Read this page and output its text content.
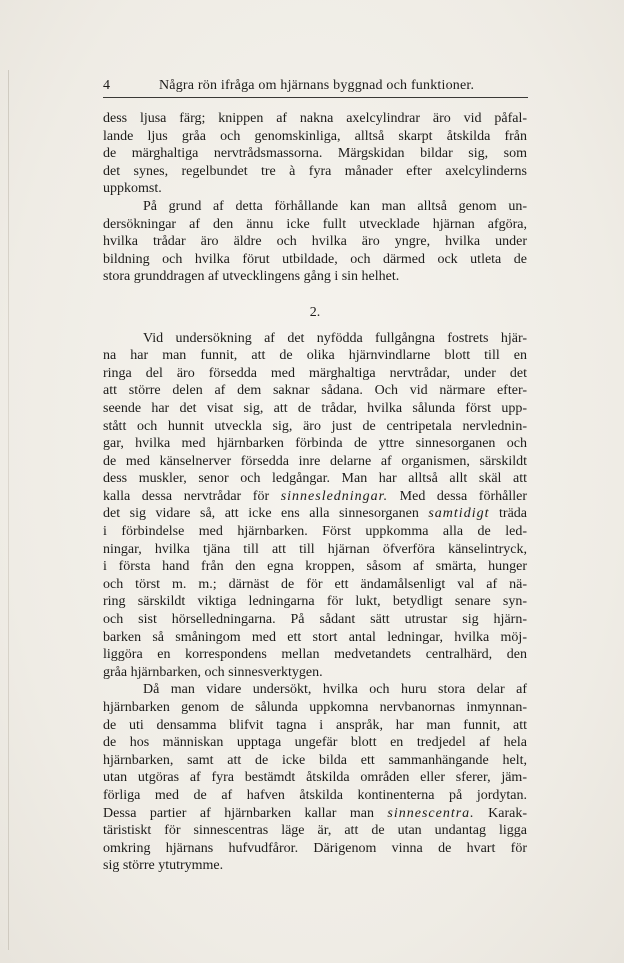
4	Några rön ifråga om hjärnans byggnad och funktioner.

dess ljusa färg; knippen af nakna axelcylindrar äro vid påfal-
lande ljus gråa och genomskinliga, alltså skarpt åtskilda från
de märghaltiga nervtrådsmassorna. Märgskidan bildar sig, som
det synes, regelbundet tre à fyra månader efter axelcylinderns
uppkomst.

På grund af detta förhållande kan man alltså genom un-
dersökningar af den ännu icke fullt utvecklade hjärnan afgöra,
hvilka trådar äro äldre och hvilka äro yngre, hvilka under
bildning och hvilka förut utbildade, och därmed ock utleta de
stora grunddragen af utvecklingens gång i sin helhet.

2.

Vid undersökning af det nyfödda fullgångna fostrets hjär-
na har man funnit, att de olika hjärnvindlarne blott till en
ringa del äro försedda med märghaltiga nervtrådar, under det
att större delen af dem saknar sådana. Och vid närmare efter-
seende har det visat sig, att de trådar, hvilka sålunda först upp-
stått och hunnit utveckla sig, äro just de centripetala nervlednin-
gar, hvilka med hjärnbarken förbinda de yttre sinnesorganen och
de med känselnerver försedda inre delarne af organismen, särskildt
dess muskler, senor och ledgångar. Man har alltså allt skäl att
kalla dessa nervtrådar för sinnesledningar. Med dessa förhåller
det sig vidare så, att icke ens alla sinnesorganen samtidigt träda
i förbindelse med hjärnbarken. Först uppkomma alla de led-
ningar, hvilka tjäna till att till hjärnan öfverföra känselintryck,
i första hand från den egna kroppen, såsom af smärta, hunger
och törst m. m.; därnäst de för ett ändamålsenligt val af nä-
ring särskildt viktiga ledningarna för lukt, betydligt senare syn-
och sist hörselledningarna. På sådant sätt utrustar sig hjärn-
barken så småningom med ett stort antal ledningar, hvilka möj-
liggöra en korrespondens mellan medvetandets centralhärd, den
gråa hjärnbarken, och sinnesverktygen.

Då man vidare undersökt, hvilka och huru stora delar af
hjärnbarken genom de sålunda uppkomna nervbanornas inmynnan-
de uti densamma blifvit tagna i anspråk, har man funnit, att
de hos människan upptaga ungefär blott en tredjedel af hela
hjärnbarken, samt att de icke bilda ett sammanhängande helt,
utan utgöras af fyra bestämdt åtskilda områden eller sferer, jäm-
förliga med de af hafven åtskilda kontinenterna på jordytan.
Dessa partier af hjärnbarken kallar man sinnescentra. Karak-
täristiskt för sinnescentras läge är, att de utan undantag ligga
omkring hjärnans hufvudfåror. Därigenom vinna de hvart för
sig större ytutrymme.
